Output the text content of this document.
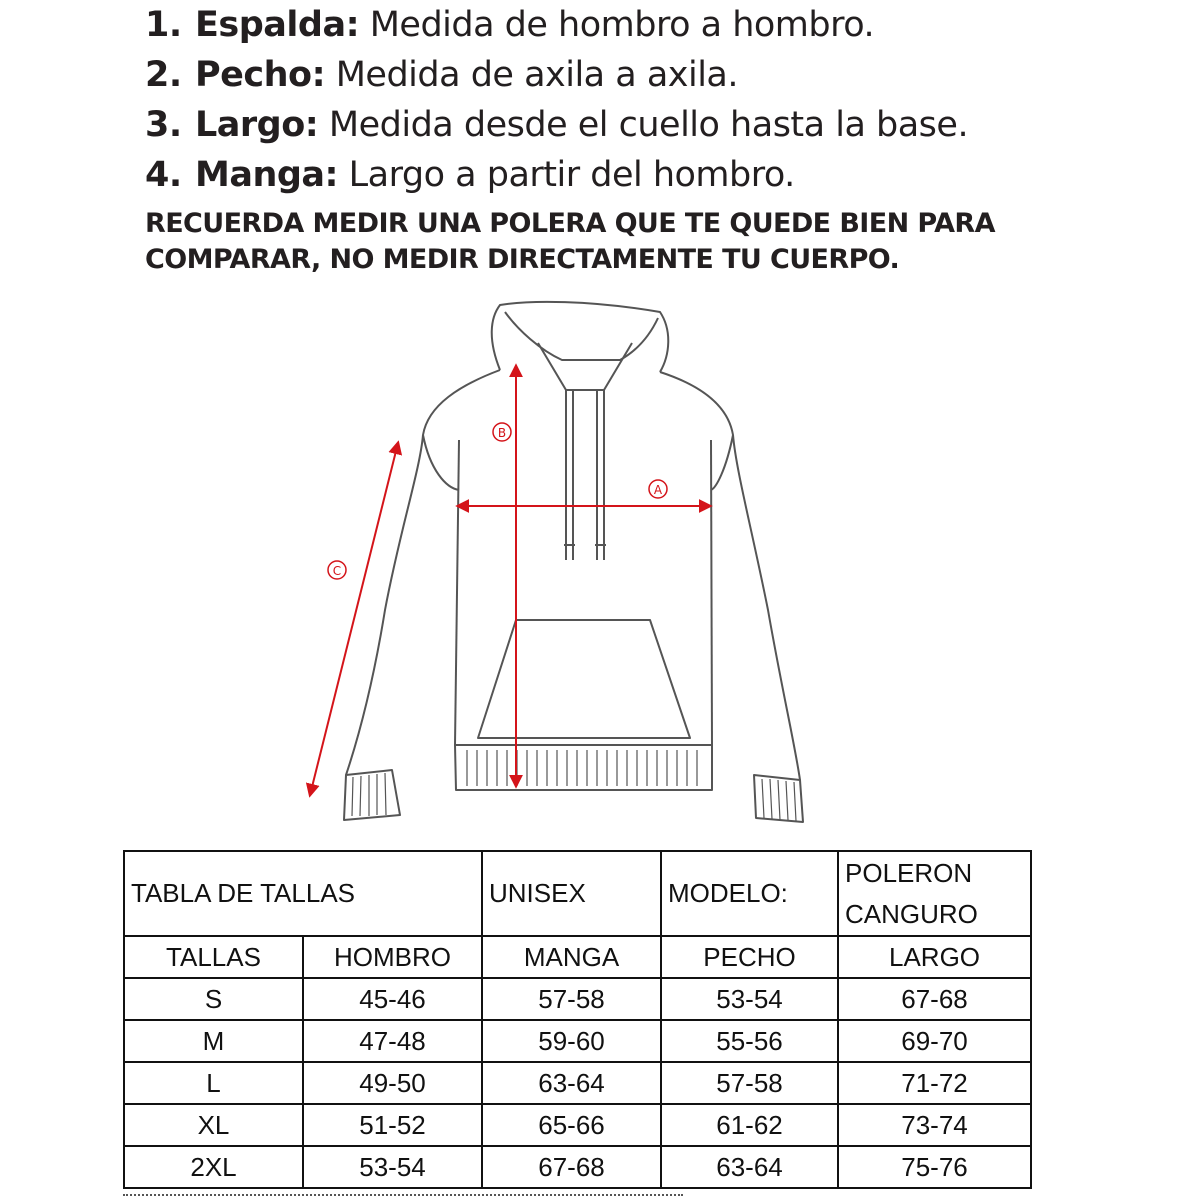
1. Espalda: Medida de hombro a hombro.
2. Pecho: Medida de axila a axila.
3. Largo: Medida desde el cuello hasta la base.
4. Manga: Largo a partir del hombro.
RECUERDA MEDIR UNA POLERA QUE TE QUEDE BIEN PARA
COMPARAR, NO MEDIR DIRECTAMENTE TU CUERPO.
A
B
C
TABLA DE TALLAS		UNISEX	MODELO:	POLERON
CANGURO

TALLAS	HOMBRO	MANGA	PECHO	LARGO
S	45-46	57-58	53-54	67-68
M	47-48	59-60	55-56	69-70
L	49-50	63-64	57-58	71-72
XL	51-52	65-66	61-62	73-74
2XL	53-54	67-68	63-64	75-76
